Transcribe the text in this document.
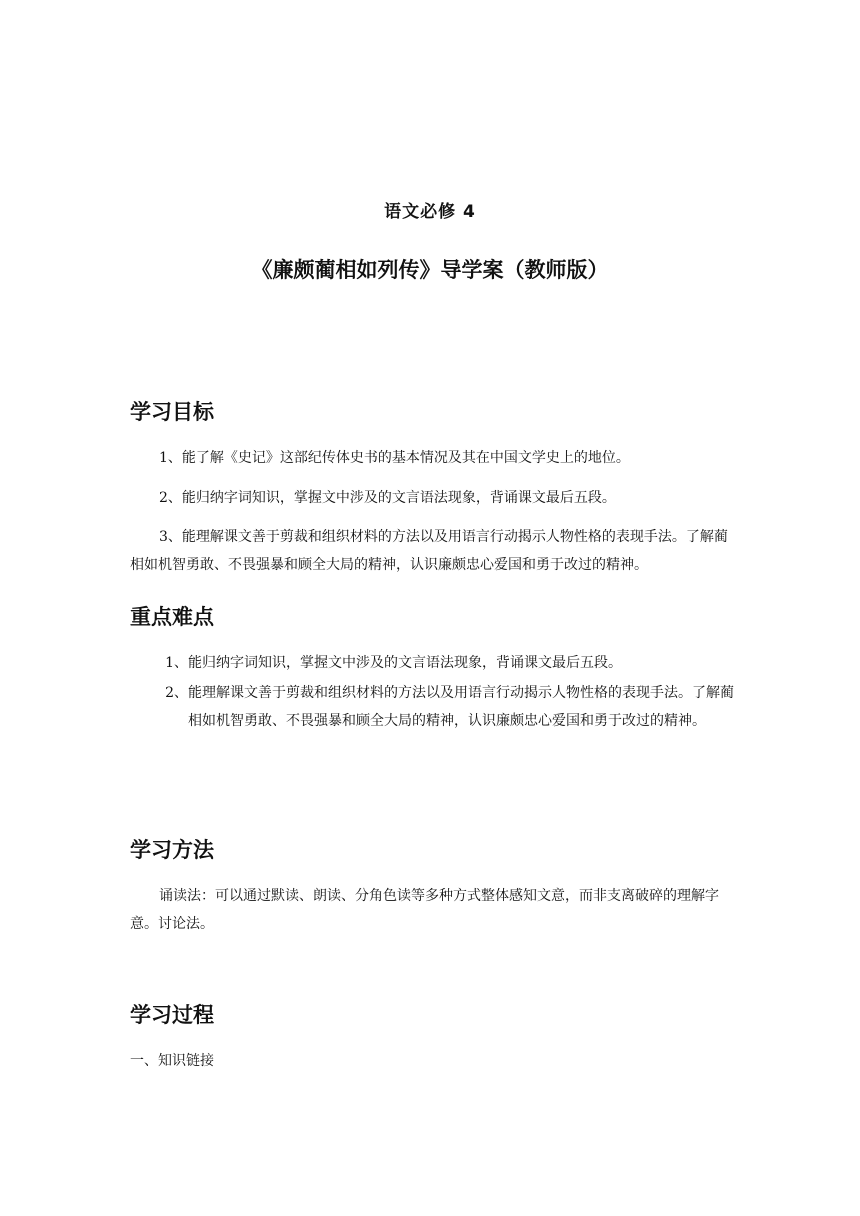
语文必修 4
《廉颇蔺相如列传》导学案（教师版）
学习目标
1、能了解《史记》这部纪传体史书的基本情况及其在中国文学史上的地位。
2、能归纳字词知识，掌握文中涉及的文言语法现象，背诵课文最后五段。
3、能理解课文善于剪裁和组织材料的方法以及用语言行动揭示人物性格的表现手法。了解蔺相如机智勇敢、不畏强暴和顾全大局的精神，认识廉颇忠心爱国和勇于改过的精神。
重点难点
1、 能归纳字词知识，掌握文中涉及的文言语法现象，背诵课文最后五段。
2、 能理解课文善于剪裁和组织材料的方法以及用语言行动揭示人物性格的表现手法。了解蔺相如机智勇敢、不畏强暴和顾全大局的精神，认识廉颇忠心爱国和勇于改过的精神。
学习方法
诵读法：可以通过默读、朗读、分角色读等多种方式整体感知文意，而非支离破碎的理解字意。讨论法。
学习过程
一、知识链接
